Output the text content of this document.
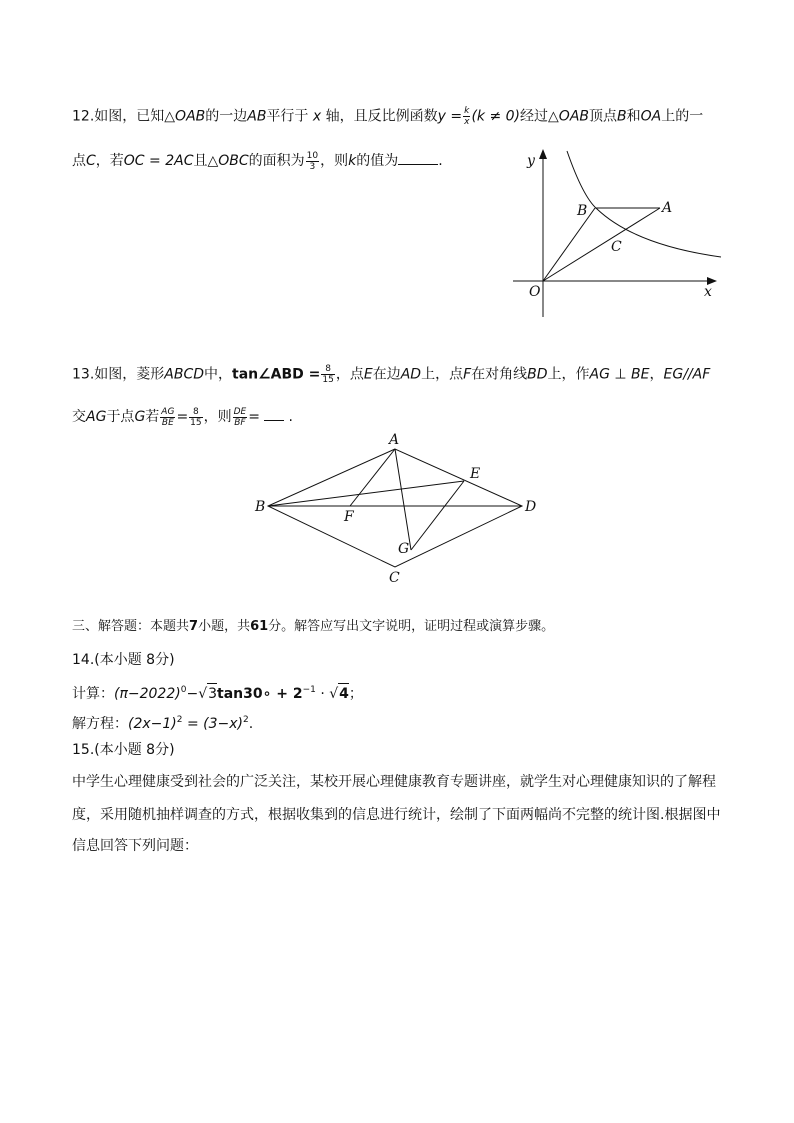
12.如图，已知△OAB的一边AB平行于 x 轴，且反比例函数$y = \frac{k}{x} (k \ne 0)$经过△OAB顶点B和OA上的一
点C，若OC = 2AC且△OBC的面积为 $\frac{10}{3}$ ，则k的值为	.	y
x
O
B	A
C
13.如图，菱形ABCD中，tan∠ABD = $\frac{8}{15}$ ，点E在边AD上，点F在对角线BD上，作AG ⊥ BE，EG//AF
交AG于点G若 $\frac{AG}{BE} = \frac{8}{15}$ ，则 $\frac{DE}{BF}$ = .
A
B
C
D
E
F
G
三、解答题：本题共7小题，共61分。解答应写出文字说明，证明过程或演算步骤。
14.(本小题 8分)
计算：$(\pi-2022)^0-√3\tan 30\circ + 2^{-1} \cdot √4$；
解方程：$(2x-1)^2 = (3-x)^2$.
15.(本小题 8分)
中学生心理健康受到社会的广泛关注，某校开展心理健康教育专题讲座，就学生对心理健康知识的了解程
度，采用随机抽样调查的方式，根据收集到的信息进行统计，绘制了下面两幅尚不完整的统计图.根据图中
信息回答下列问题：
